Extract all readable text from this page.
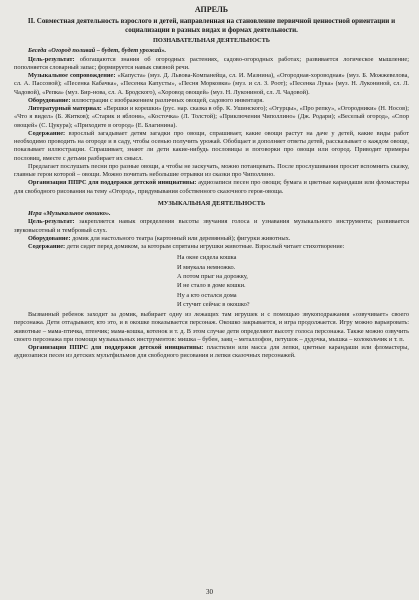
АПРЕЛЬ
II. Совместная деятельность взрослого и детей, направленная на становление первичной ценностной ориентации и социализации в разных видах и формах деятельности.
ПОЗНАВАТЕЛЬНАЯ ДЕЯТЕЛЬНОСТЬ

Беседа «Огород поливай – будет, будет урожай».

Цель-результат: обогащаются знания об огородных растениях, садово-огородных работах; развивается логическое мышление; пополняется словарный запас; формируется навык связной речи.

Музыкальное сопровождение: «Капуста» (муз. Д. Львова-Компанейца, сл. И. Мазнина), «Огородная-хороводная» (муз. Б. Можжевелова, сл. А. Пассовой); «Песенка Кабачка», «Песенка Капусты», «Песня Морковки» (муз. и сл. З. Роот); «Песенка Лука» (муз. Н. Лукониной, сл. Л. Чадовой), «Репка» (муз. Бир-нова, сл. А. Бродского), «Хоровод овощей» (муз. Н. Лукониной, сл. Л. Чадовой).

Оборудование: иллюстрации с изображением различных овощей, садового инвентаря.

Литературный материал: «Вершки и корешки» (рус. нар. сказка в обр. К. Ушинского); «Огурцы», «Про репку», «Огородники» (Н. Носов); «Что я видел» (Б. Житков); «Старик и яблоня», «Косточка» (Л. Толстой); «Приключения Чиполлино» (Дж. Родари); «Веселый огород», «Спор овощей» (С. Цукура); «Приходите в огород» (Е. Благинина).

Содержание: взрослый загадывает детям загадки про овощи, спрашивает, какие овощи растут на даче у детей, какие виды работ необходимо проводить на огороде и в саду, чтобы осенью получить урожай. Обобщает и дополняет ответы детей, рассказывает о каждом овоще, показывает иллюстрации. Спрашивает, знают ли дети какие-нибудь пословицы и поговорки про овощи или огород. Приводит примеры пословиц, вместе с детьми разбирает их смысл.

Предлагает послушать песни про разные овощи, а чтобы не заскучать, можно потанцевать. После прослушивания просит вспомнить сказку, главные герои которой – овощи. Можно почитать небольшие отрывки из сказки про Чиполлино.

Организация ППРС для поддержки детской инициативы: аудиозаписи песен про овощи; бумага и цветные карандаши или фломастеры для свободного рисования на тему «Огород», придумывания собственного сказочного героя-овоща.

МУЗЫКАЛЬНАЯ ДЕЯТЕЛЬНОСТЬ

Игра «Музыкальное окошко».

Цель-результат: закрепляется навык определения высоты звучания голоса и узнавания музыкального инструмента; развивается звуковысотный и тембровый слух.

Оборудование: домик для настольного театра (картонный или деревянный); фигурки животных.

Содержание: дети сидят перед домиком, за которым спрятаны игрушки животные. Взрослый читает стихотворение:

На окне сидела кошка
И мяукала немножко.
А потом прыг на дорожку,
И не стало в доме кошки.
Ну а кто остался дома
И стучит сейчас в окошко?

Вызванный ребенок заходит за домик, выбирает одну из лежащих там игрушек и с помощью звукоподражания «озвучивает» своего персонажа. Дети отгадывают, кто это, и в окошке показывается персонаж. Окошко закрывается, и игра продолжается. Игру можно варьировать: животные – мама-птичка, птенчик; мама-кошка, котенок и т. д. В этом случае дети определяют высоту голоса персонажа. Также можно озвучить своего персонажа при помощи музыкальных инструментов: мишка – бубен, заяц – металлофон, петушок – дудочка, мышка – колокольчик и т. п.

Организация ППРС для поддержки детской инициативы: пластилин или масса для лепки, цветные карандаши или фломастеры, аудиозаписи песен из детских мультфильмов для свободного рисования и лепки сказочных персонажей.

30
